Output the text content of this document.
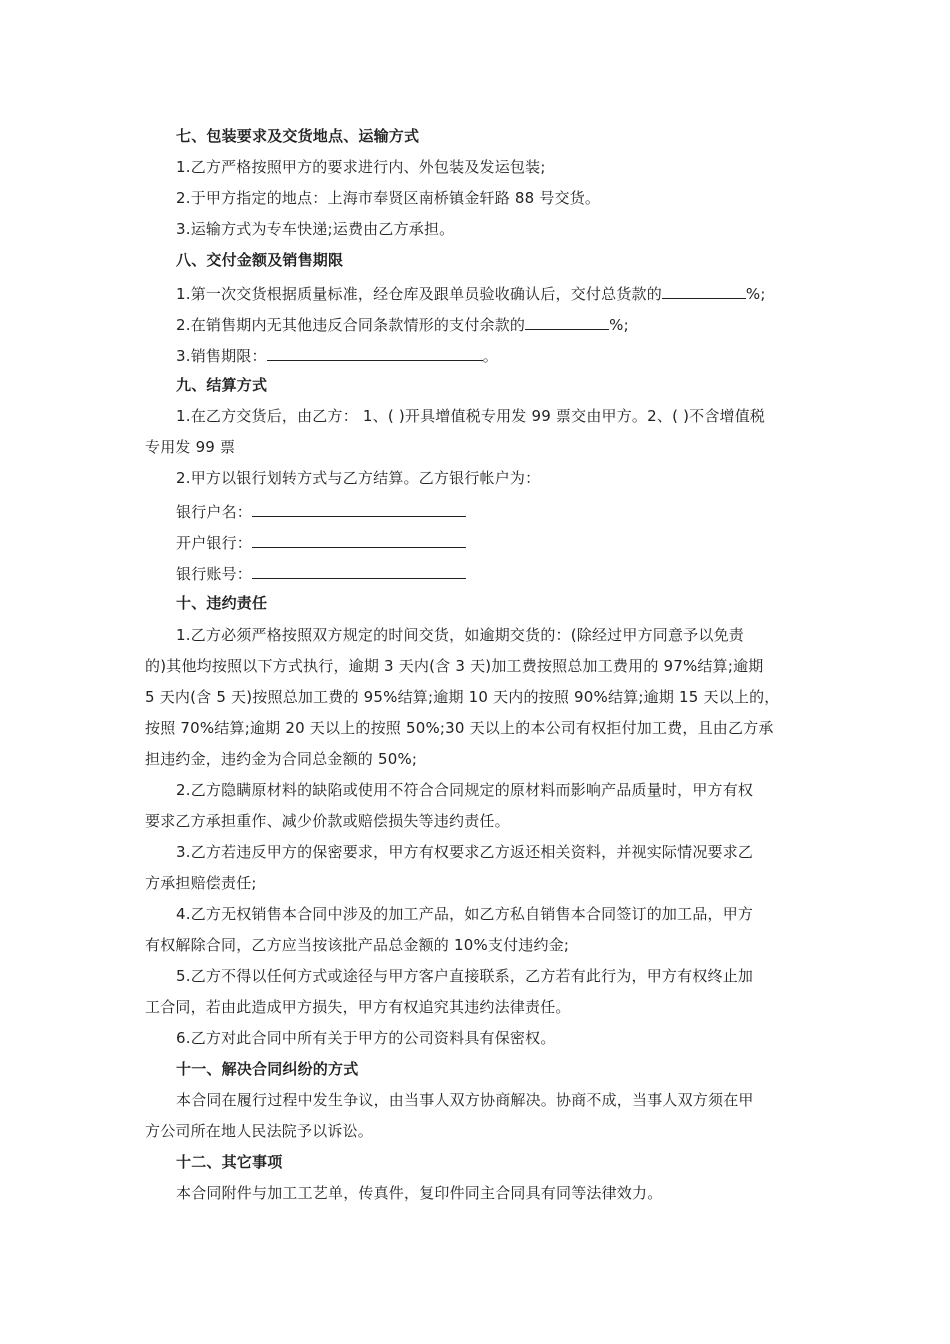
七、包装要求及交货地点、运输方式
1.乙方严格按照甲方的要求进行内、外包装及发运包装;
2.于甲方指定的地点：上海市奉贤区南桥镇金轩路 88 号交货。
3.运输方式为专车快递;运费由乙方承担。
八、交付金额及销售期限
1.第一次交货根据质量标准，经仓库及跟单员验收确认后，交付总货款的	%;
2.在销售期内无其他违反合同条款情形的支付余款的	%;
3.销售期限：	。
九、结算方式
1.在乙方交货后，由乙方： 1、( )开具增值税专用发 99 票交由甲方。2、( )不含增值税
专用发 99 票
2.甲方以银行划转方式与乙方结算。乙方银行帐户为：
银行户名：
开户银行：
银行账号：
十、违约责任
1.乙方必须严格按照双方规定的时间交货，如逾期交货的：(除经过甲方同意予以免责
的)其他均按照以下方式执行，逾期 3 天内(含 3 天)加工费按照总加工费用的 97%结算;逾期
5 天内(含 5 天)按照总加工费的 95%结算;逾期 10 天内的按照 90%结算;逾期 15 天以上的，
按照 70%结算;逾期 20 天以上的按照 50%;30 天以上的本公司有权拒付加工费，且由乙方承
担违约金，违约金为合同总金额的 50%;
2.乙方隐瞒原材料的缺陷或使用不符合合同规定的原材料而影响产品质量时，甲方有权
要求乙方承担重作、减少价款或赔偿损失等违约责任。
3.乙方若违反甲方的保密要求，甲方有权要求乙方返还相关资料，并视实际情况要求乙
方承担赔偿责任;
4.乙方无权销售本合同中涉及的加工产品，如乙方私自销售本合同签订的加工品，甲方
有权解除合同，乙方应当按该批产品总金额的 10%支付违约金;
5.乙方不得以任何方式或途径与甲方客户直接联系，乙方若有此行为，甲方有权终止加
工合同，若由此造成甲方损失，甲方有权追究其违约法律责任。
6.乙方对此合同中所有关于甲方的公司资料具有保密权。
十一、解决合同纠纷的方式
本合同在履行过程中发生争议，由当事人双方协商解决。协商不成，当事人双方须在甲
方公司所在地人民法院予以诉讼。
十二、其它事项
本合同附件与加工工艺单，传真件，复印件同主合同具有同等法律效力。
